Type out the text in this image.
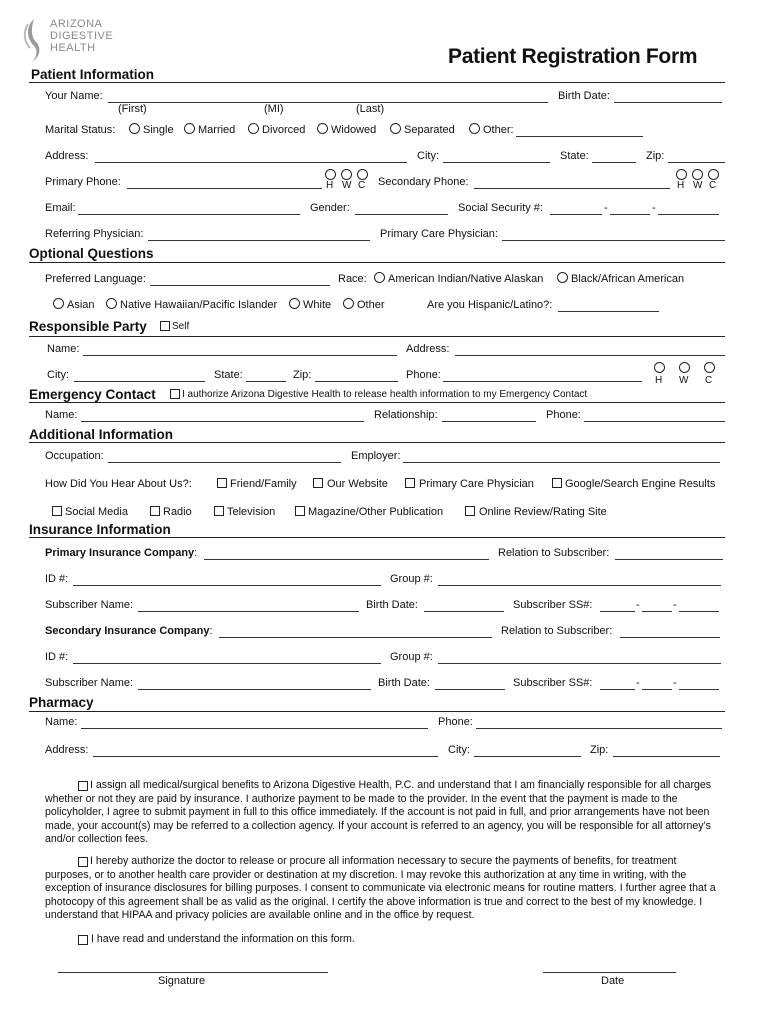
ARIZONA
DIGESTIVE
HEALTH	Patient Registration Form
Patient Information
Your Name:
(First)	(MI)	(Last)
Birth Date:
Marital Status:	Single Married Divorced Widowed	Separated	Other:
Address:	City:	State:	Zip:
Primary Phone:	H W C Secondary Phone:	H W C
Email:	Gender:	Social Security #:	-	-
Referring Physician:	Primary Care Physician:
Optional Questions
Preferred Language:	Race: American Indian/Native Alaskan	Black/African American
Asian Native Hawaiian/Pacific Islander White Other	Are you Hispanic/Latino?:
Responsible Party	Self
Name:	Address:
City:	State:	Zip:	Phone:	H W C
Emergency Contact	I authorize Arizona Digestive Health to release health information to my Emergency Contact
Name:	Relationship:	Phone:
Additional Information
Occupation:	Employer:
How Did You Hear About Us?:	Friend/Family	Our Website	Primary Care Physician	Google/Search Engine Results
Social Media	Radio	Television	Magazine/Other Publication	Online Review/Rating Site
Insurance Information
Primary Insurance Company:	Relation to Subscriber:
ID #:	Group #:
Subscriber Name:	Birth Date:	Subscriber SS#:	-	-
Secondary Insurance Company:	Relation to Subscriber:
ID #:	Group #:
Subscriber Name:	Birth Date:	Subscriber SS#:	-	-
Pharmacy
Name:	Phone:
Address:	City:	Zip:
I assign all medical/surgical benefits to Arizona Digestive Health, P.C. and understand that I am financially responsible for all charges whether or not they are paid by insurance. I authorize payment to be made to the provider. In the event that the payment is made to the policyholder, I agree to submit payment in full to this office immediately. If the account is not paid in full, and prior arrangements have not been made, your account(s) may be referred to a collection agency. If your account is referred to an agency, you will be responsible for all attorney’s and/or collection fees.
I hereby authorize the doctor to release or procure all information necessary to secure the payments of benefits, for treatment purposes, or to another health care provider or destination at my discretion. I may revoke this authorization at any time in writing, with the exception of insurance disclosures for billing purposes. I consent to communicate via electronic means for routine matters. I further agree that a photocopy of this agreement shall be as valid as the original. I certify the above information is true and correct to the best of my knowledge. I understand that HIPAA and privacy policies are available online and in the office by request.
I have read and understand the information on this form.
Signature	Date
